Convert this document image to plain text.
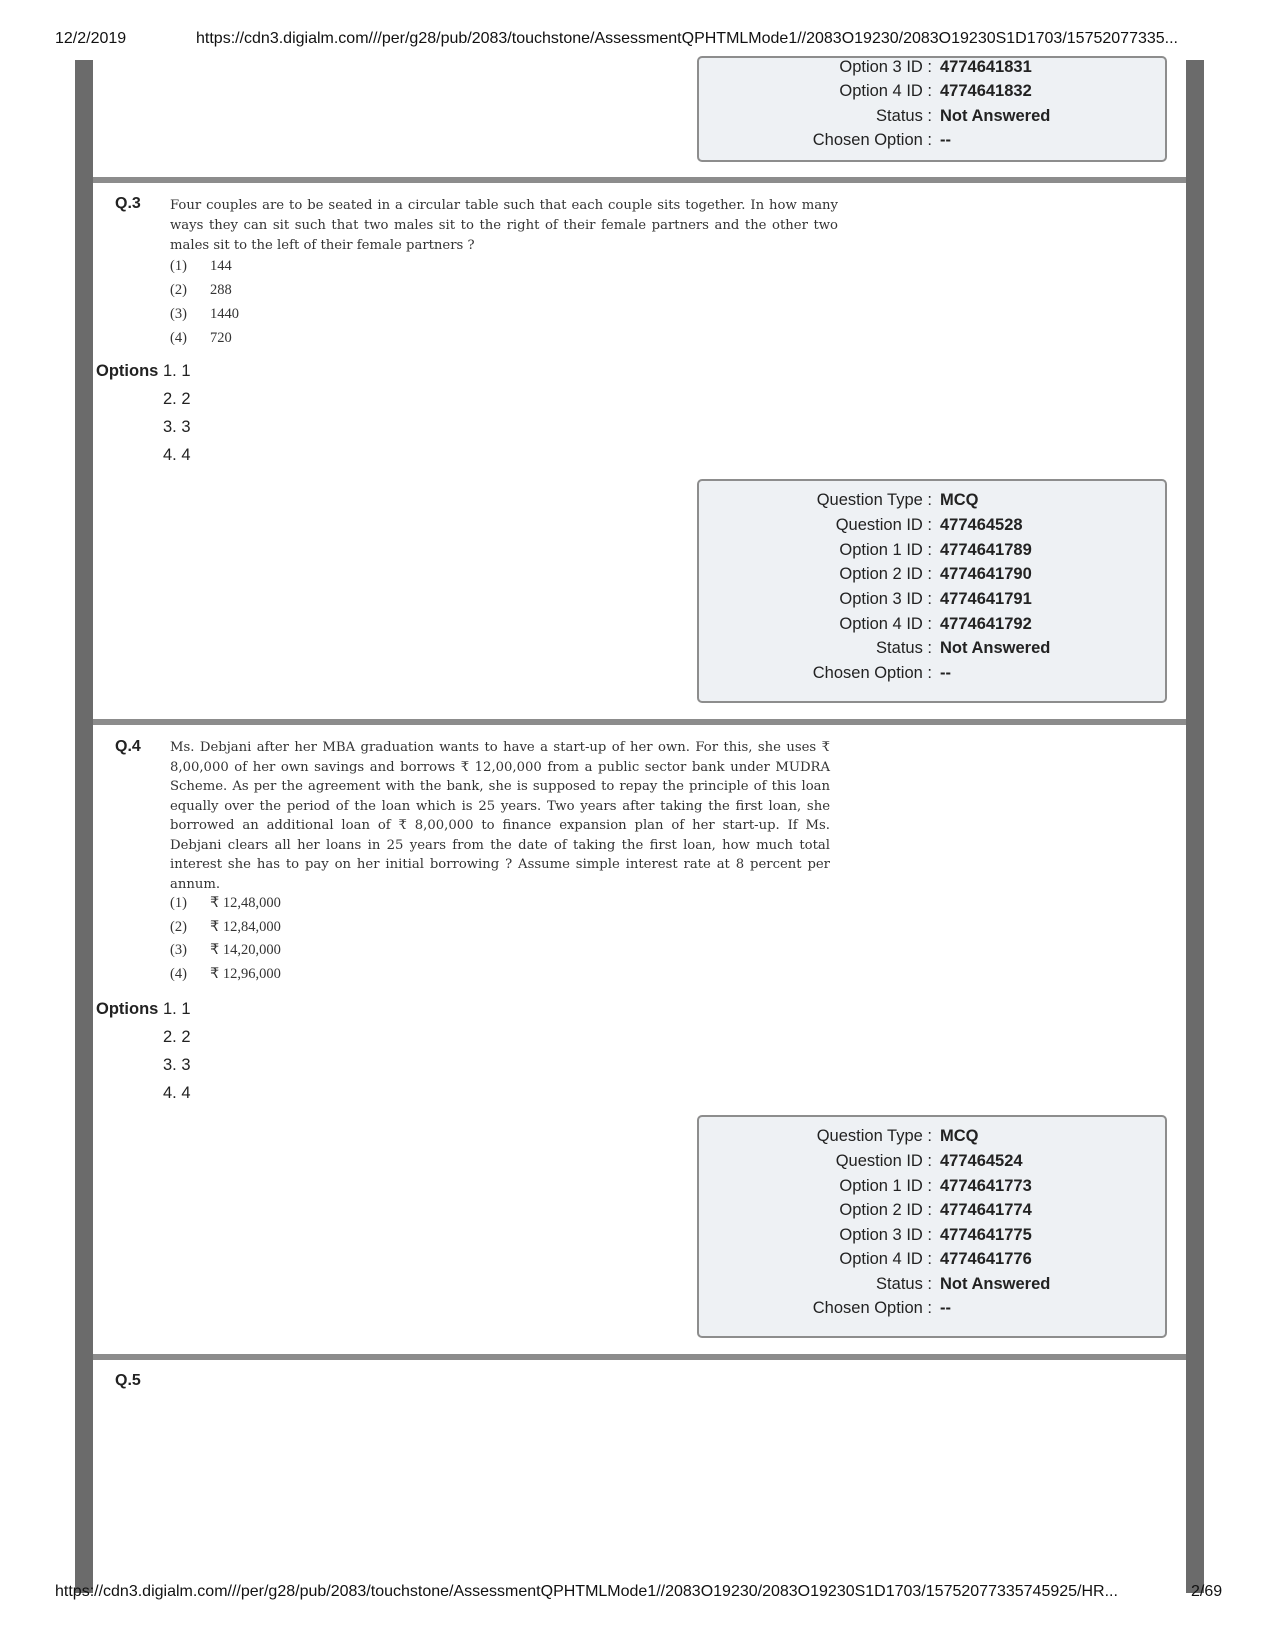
12/2/2019	https://cdn3.digialm.com///per/g28/pub/2083/touchstone/AssessmentQPHTMLMode1//2083O19230/2083O19230S1D1703/15752077335...
Option 3 ID : 4774641831
Option 4 ID : 4774641832
Status : Not Answered
Chosen Option : --
Q.3 Four couples are to be seated in a circular table such that each couple sits together. In how many ways they can sit such that two males sit to the right of their female partners and the other two males sit to the left of their female partners ?

(1) 144
(2) 288
(3) 1440
(4) 720
Options 1. 1
2. 2
3. 3
4. 4
Question Type : MCQ
Question ID : 477464528
Option 1 ID : 4774641789
Option 2 ID : 4774641790
Option 3 ID : 4774641791
Option 4 ID : 4774641792
Status : Not Answered
Chosen Option : --
Q.4 Ms. Debjani after her MBA graduation wants to have a start-up of her own. For this, she uses ₹ 8,00,000 of her own savings and borrows ₹ 12,00,000 from a public sector bank under MUDRA Scheme. As per the agreement with the bank, she is supposed to repay the principle of this loan equally over the period of the loan which is 25 years. Two years after taking the first loan, she borrowed an additional loan of ₹ 8,00,000 to finance expansion plan of her start-up. If Ms. Debjani clears all her loans in 25 years from the date of taking the first loan, how much total interest she has to pay on her initial borrowing ? Assume simple interest rate at 8 percent per annum.

(1) ₹ 12,48,000
(2) ₹ 12,84,000
(3) ₹ 14,20,000
(4) ₹ 12,96,000
Options 1. 1
2. 2
3. 3
4. 4
Question Type : MCQ
Question ID : 477464524
Option 1 ID : 4774641773
Option 2 ID : 4774641774
Option 3 ID : 4774641775
Option 4 ID : 4774641776
Status : Not Answered
Chosen Option : --
Q.5
https://cdn3.digialm.com///per/g28/pub/2083/touchstone/AssessmentQPHTMLMode1//2083O19230/2083O19230S1D1703/15752077335745925/HR...	2/69
